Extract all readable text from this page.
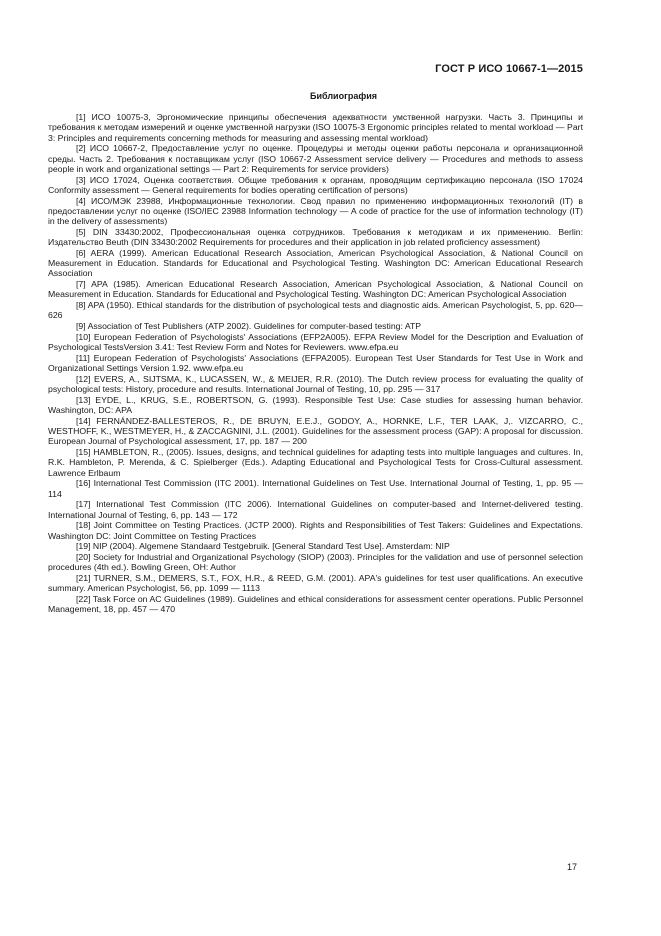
ГОСТ Р ИСО 10667-1—2015
Библиография
[1] ИСО 10075-3, Эргономические принципы обеспечения адекватности умственной нагрузки. Часть 3. Принципы и требования к методам измерений и оценке умственной нагрузки (ISO 10075-3 Ergonomic principles related to mental workload — Part 3: Principles and requirements concerning methods for measuring and assessing mental workload)
[2] ИСО 10667-2, Предоставление услуг по оценке. Процедуры и методы оценки работы персонала и организационной среды. Часть 2. Требования к поставщикам услуг (ISO 10667-2 Assessment service delivery — Procedures and methods to assess people in work and organizational settings — Part 2: Requirements for service providers)
[3] ИСО 17024, Оценка соответствия. Общие требования к органам, проводящим сертификацию персонала (ISO 17024 Conformity assessment — General requirements for bodies operating certification of persons)
[4] ИСО/МЭК 23988, Информационные технологии. Свод правил по применению информационных технологий (IT) в предоставлении услуг по оценке (ISO/IEC 23988 Information technology — A code of practice for the use of information technology (IT) in the delivery of assessments)
[5] DIN 33430:2002, Профессиональная оценка сотрудников. Требования к методикам и их применению. Berlin: Издательство Beuth (DIN 33430:2002 Requirements for procedures and their application in job related proficiency assessment)
[6] AERA (1999). American Educational Research Association, American Psychological Association, & National Council on Measurement in Education. Standards for Educational and Psychological Testing. Washington DC: American Educational Research Association
[7] APA (1985). American Educational Research Association, American Psychological Association, & National Council on Measurement in Education. Standards for Educational and Psychological Testing. Washington DC: American Psychological Association
[8] APA (1950). Ethical standards for the distribution of psychological tests and diagnostic aids. American Psychologist, 5, pp. 620—626
[9] Association of Test Publishers (ATP 2002). Guidelines for computer-based testing: ATP
[10] European Federation of Psychologists' Associations (EFP2A005). EFPA Review Model for the Description and Evaluation of Psychological TestsVersion 3.41: Test Review Form and Notes for Reviewers. www.efpa.eu
[11] European Federation of Psychologists' Associations (EFPA2005). European Test User Standards for Test Use in Work and Organizational Settings Version 1.92. www.efpa.eu
[12] EVERS, A., SIJTSMA, K., LUCASSEN, W., & MEIJER, R.R. (2010). The Dutch review process for evaluating the quality of psychological tests: History, procedure and results. International Journal of Testing, 10, pp. 295 — 317
[13] EYDE, L., KRUG, S.E., ROBERTSON, G. (1993). Responsible Test Use: Case studies for assessing human behavior. Washington, DC: APA
[14] FERNÁNDEZ-BALLESTEROS, R., DE BRUYN, E.E.J., GODOY, A., HORNKE, L.F., TER LAAK, J,. VIZCARRO, C., WESTHOFF, K., WESTMEYER, H., & ZACCAGNINI, J.L. (2001). Guidelines for the assessment process (GAP): A proposal for discussion. European Journal of Psychological assessment, 17, pp. 187 — 200
[15] HAMBLETON, R., (2005). Issues, designs, and technical guidelines for adapting tests into multiple languages and cultures. In, R.K. Hambleton, P. Merenda, & C. Spielberger (Eds.). Adapting Educational and Psychological Tests for Cross-Cultural assessment. Lawrence Erlbaum
[16] International Test Commission (ITC 2001). International Guidelines on Test Use. International Journal of Testing, 1, pp. 95 — 114
[17] International Test Commission (ITC 2006). International Guidelines on computer-based and Internet-delivered testing. International Journal of Testing, 6, pp. 143 — 172
[18] Joint Committee on Testing Practices. (JCTP 2000). Rights and Responsibilities of Test Takers: Guidelines and Expectations. Washington DC: Joint Committee on Testing Practices
[19] NIP (2004). Algemene Standaard Testgebruik. [General Standard Test Use]. Amsterdam: NIP
[20] Society for Industrial and Organizational Psychology (SIOP) (2003). Principles for the validation and use of personnel selection procedures (4th ed.). Bowling Green, OH: Author
[21] TURNER, S.M., DEMERS, S.T., FOX, H.R., & REED, G.M. (2001). APA's guidelines for test user qualifications. An executive summary. American Psychologist, 56, pp. 1099 — 1113
[22] Task Force on AC Guidelines (1989). Guidelines and ethical considerations for assessment center operations. Public Personnel Management, 18, pp. 457 — 470
17
